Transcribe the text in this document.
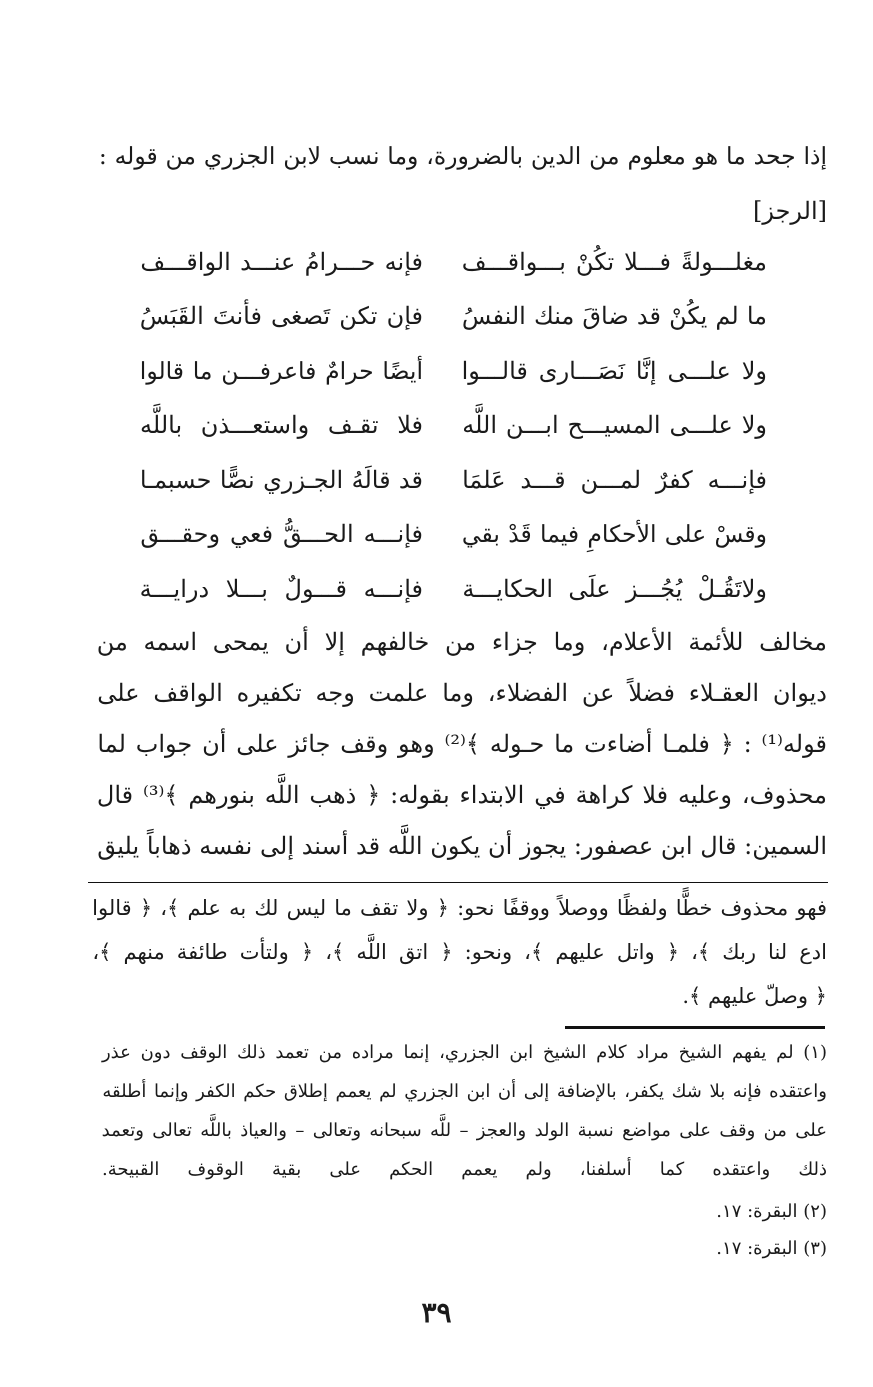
إذا جحد ما هو معلوم من الدين بالضرورة، وما نسب لابن الجزري من قوله :
[الرجز]
مغلـــولةً فـــلا تكُنْ بـــواقـــف
فإنه حـــرامُ عنـــد الواقـــف
ما لم يكُنْ قد ضاقَ منك النفسُ
فإن تكن تَصغى فأنتَ القَبَسُ
ولا علـــى إنَّا نَصَـــارى قالـــوا
أيضًا حرامٌ فاعرفـــن ما قالوا
ولا علـــى المسيـــح ابـــن اللَّه
فلا تقـف واستعـــذن باللَّه
فإنـــه كفرٌ لمـــن قـــد عَلمَا
قد قالَهُ الجـزري نصًّا حسبمـا
وقسْ على الأحكامِ فيما قَدْ بقي
فإنـــه الحـــقُّ فعي وحقـــق
ولاتَقُـلْ يُجُـــز علَى الحكايـــة
فإنـــه قـــولٌ بـــلا درايـــة
مخالف للأئمة الأعلام، وما جزاء من خالفهم إلا أن يمحى اسمه من
ديوان العقـلاء فضلاً عن الفضلاء، وما علمت وجه تكفيره الواقف على
قوله⁽¹⁾ : ﴿ فلمـا أضاءت ما حـوله ﴾⁽²⁾ وهو وقف جائز على أن جواب لما
محذوف، وعليه فلا كراهة في الابتداء بقوله: ﴿ ذهب اللَّه بنورهم ﴾⁽³⁾ قال
السمين: قال ابن عصفور: يجوز أن يكون اللَّه قد أسند إلى نفسه ذهاباً يليق
فهو محذوف خطًّا ولفظًا ووصلاً ووقفًا نحو: ﴿ ولا تقف ما ليس لك به علم ﴾، ﴿ قالوا
ادع لنا ربك ﴾، ﴿ واتل عليهم ﴾، ونحو: ﴿ اتق اللَّه ﴾، ﴿ ولتأت طائفة منهم ﴾،
﴿ وصلّ عليهم ﴾.
(١) لم يفهم الشيخ مراد كلام الشيخ ابن الجزري، إنما مراده من تعمد ذلك الوقف دون عذر
واعتقده فإنه بلا شك يكفر، بالإضافة إلى أن ابن الجزري لم يعمم إطلاق حكم الكفر وإنما أطلقه
على من وقف على مواضع نسبة الولد والعجز – للَّه سبحانه وتعالى – والعياذ باللَّه تعالى وتعمد
ذلك واعتقده كما أسلفنا، ولم يعمم الحكم على بقية الوقوف القبيحة.
(٢) البقرة: ١٧.
(٣) البقرة: ١٧.
٣٩
